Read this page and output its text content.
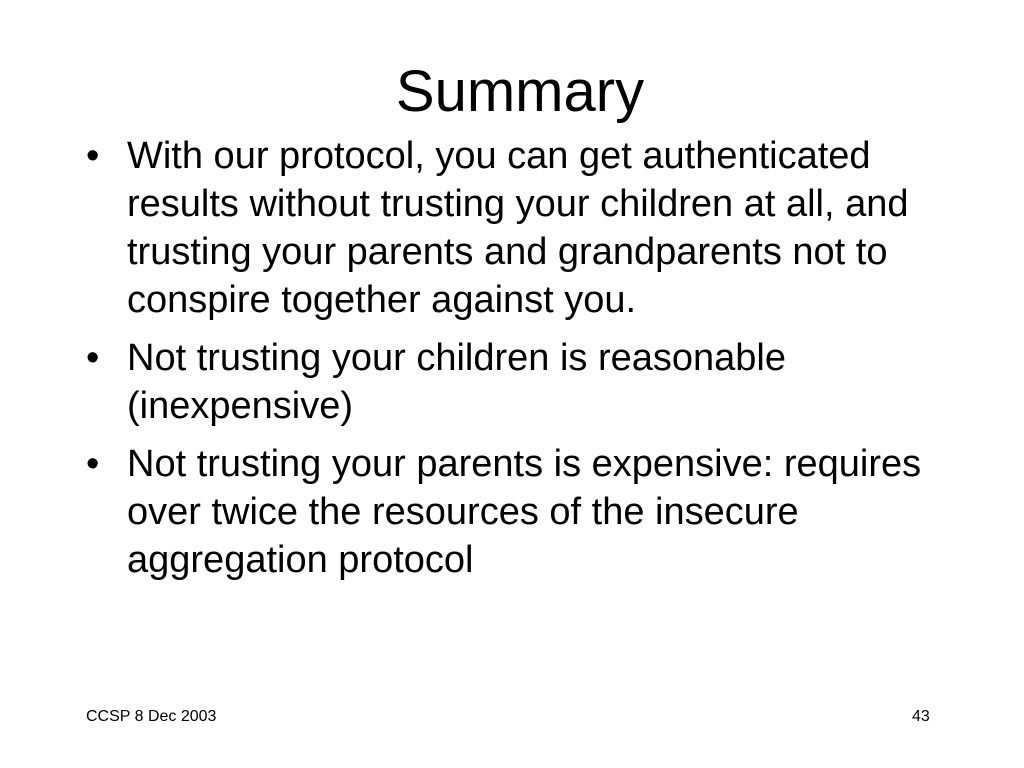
Summary
• With our protocol, you can get authenticated results without trusting your children at all, and trusting your parents and grandparents not to conspire together against you.
• Not trusting your children is reasonable (inexpensive)
• Not trusting your parents is expensive: requires over twice the resources of the insecure aggregation protocol
CCSP 8 Dec 2003	43
